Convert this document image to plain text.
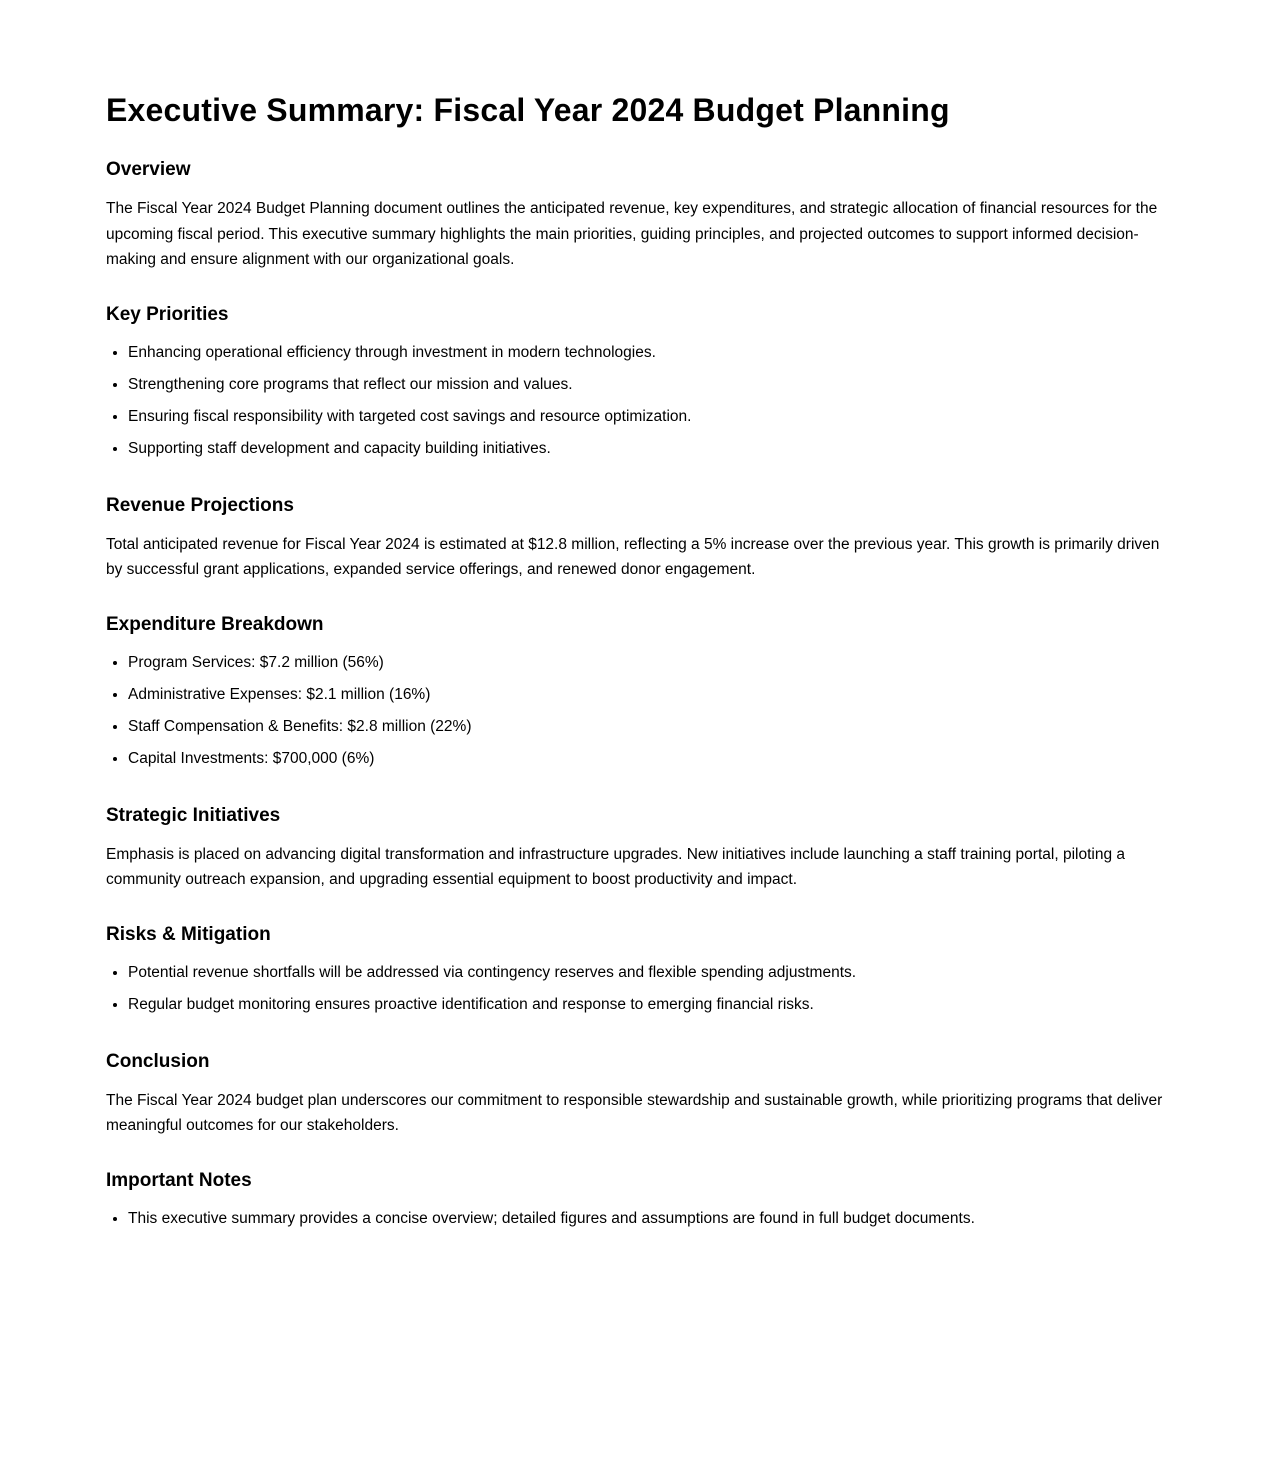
Executive Summary: Fiscal Year 2024 Budget Planning
Overview

The Fiscal Year 2024 Budget Planning document outlines the anticipated revenue, key expenditures, and strategic allocation of financial resources for the upcoming fiscal period. This executive summary highlights the main priorities, guiding principles, and projected outcomes to support informed decision-making and ensure alignment with our organizational goals.

Key Priorities
• Enhancing operational efficiency through investment in modern technologies.
• Strengthening core programs that reflect our mission and values.
• Ensuring fiscal responsibility with targeted cost savings and resource optimization.
• Supporting staff development and capacity building initiatives.
Revenue Projections

Total anticipated revenue for Fiscal Year 2024 is estimated at $12.8 million, reflecting a 5% increase over the previous year. This growth is primarily driven by successful grant applications, expanded service offerings, and renewed donor engagement.

Expenditure Breakdown
• Program Services: $7.2 million (56%)
• Administrative Expenses: $2.1 million (16%)
• Staff Compensation & Benefits: $2.8 million (22%)
• Capital Investments: $700,000 (6%)
Strategic Initiatives

Emphasis is placed on advancing digital transformation and infrastructure upgrades. New initiatives include launching a staff training portal, piloting a community outreach expansion, and upgrading essential equipment to boost productivity and impact.

Risks & Mitigation
• Potential revenue shortfalls will be addressed via contingency reserves and flexible spending adjustments.
• Regular budget monitoring ensures proactive identification and response to emerging financial risks.
Conclusion

The Fiscal Year 2024 budget plan underscores our commitment to responsible stewardship and sustainable growth, while prioritizing programs that deliver meaningful outcomes for our stakeholders.

Important Notes
• This executive summary provides a concise overview; detailed figures and assumptions are found in full budget documents.
